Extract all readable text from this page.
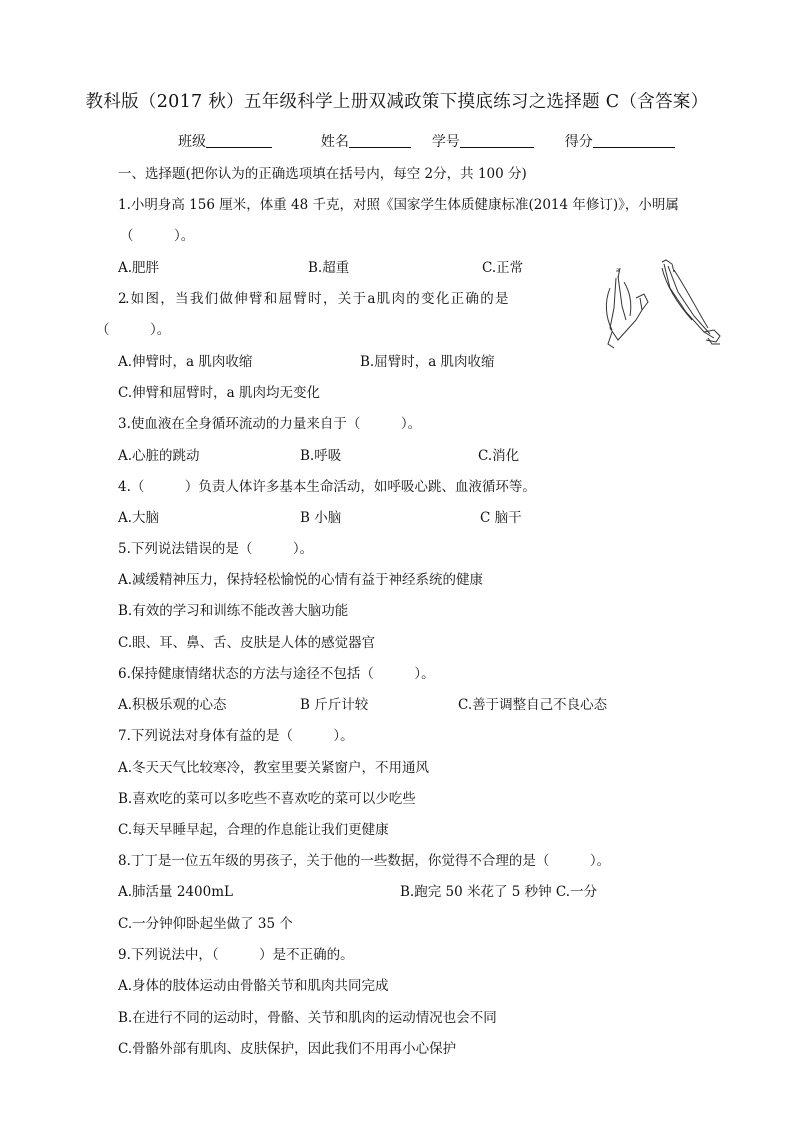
教科版（2017 秋）五年级科学上册双减政策下摸底练习之选择题 C（含答案）
班级	姓名	学号	得分
一、选择题(把你认为的正确选项填在括号内，每空 2分，共 100 分)
1.小明身高 156 厘米，体重 48 千克，对照《国家学生体质健康标准(2014 年修订)》，小明属
（　　　）。
A.肥胖	B.超重	C.正常
2. 如 图 ， 当 我 们 做 伸 臂 和 屈 臂 时 ， 关 于 a 肌 肉 的 变 化 正 确 的 是
（　　　）。
A.伸臂时，a 肌肉收缩	B.屈臂时，a 肌肉收缩
C.伸臂和屈臂时，a 肌肉均无变化
a
3.使血液在全身循环流动的力量来自于（　　　）。
A.心脏的跳动	B.呼吸	C.消化
4.（　　　）负责人体许多基本生命活动，如呼吸心跳、血液循环等。
A.大脑	B 小脑	C 脑干
5.下列说法错误的是（　　　）。
A.减缓精神压力，保持轻松愉悦的心情有益于神经系统的健康
B.有效的学习和训练不能改善大脑功能
C.眼、耳、鼻、舌、皮肤是人体的感觉器官
6.保持健康情绪状态的方法与途径不包括（　　　）。
A.积极乐观的心态	B 斤斤计较	C.善于调整自己不良心态
7.下列说法对身体有益的是（　　　）。
A.冬天天气比较寒冷，教室里要关紧窗户，不用通风
B.喜欢吃的菜可以多吃些不喜欢吃的菜可以少吃些
C.每天早睡早起，合理的作息能让我们更健康
8.丁丁是一位五年级的男孩子，关于他的一些数据，你觉得不合理的是（　　　）。
A.肺活量 2400mL	B.跑完 50 米花了 5 秒钟 C.一分
C.一分钟仰卧起坐做了 35 个
9.下列说法中，（　　　）是不正确的。
A.身体的肢体运动由骨骼关节和肌肉共同完成
B.在进行不同的运动时，骨骼、关节和肌肉的运动情况也会不同
C.骨骼外部有肌肉、皮肤保护，因此我们不用再小心保护
